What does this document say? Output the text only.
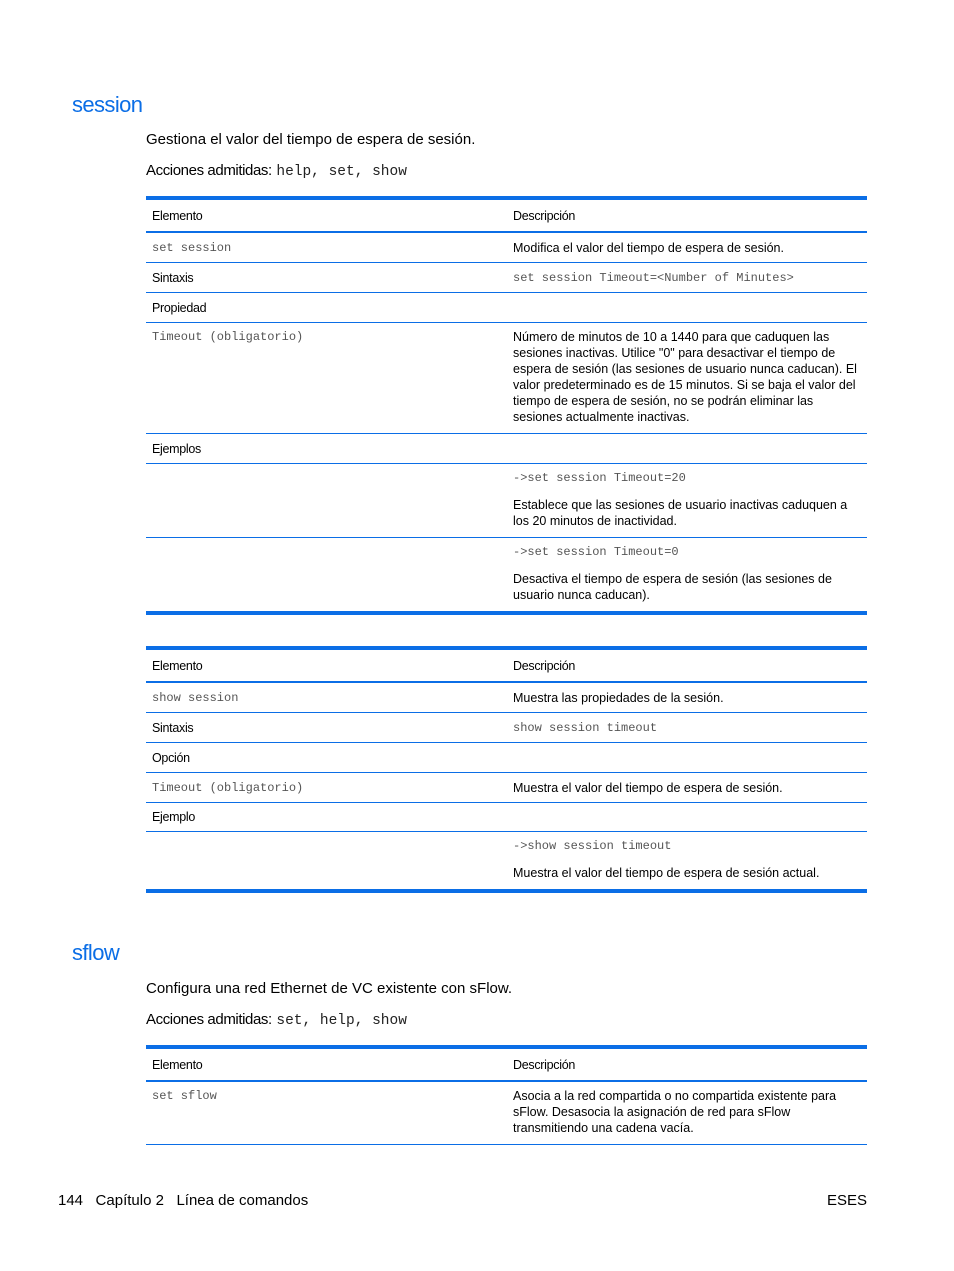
session
Gestiona el valor del tiempo de espera de sesión.
Acciones admitidas: help, set, show
Elemento	Descripción
set session	Modifica el valor del tiempo de espera de sesión.
Sintaxis	set session Timeout=<Number of Minutes>
Propiedad	
Timeout (obligatorio)	Número de minutos de 10 a 1440 para que caduquen las sesiones inactivas. Utilice "0" para desactivar el tiempo de espera de sesión (las sesiones de usuario nunca caducan). El valor predeterminado es de 15 minutos. Si se baja el valor del tiempo de espera de sesión, no se podrán eliminar las sesiones actualmente inactivas.
Ejemplos	

	->set session Timeout=20
Establece que las sesiones de usuario inactivas caduquen a los 20 minutos de inactividad.

	->set session Timeout=0
Desactiva el tiempo de espera de sesión (las sesiones de usuario nunca caducan).
Elemento	Descripción
show session	Muestra las propiedades de la sesión.
Sintaxis	show session timeout
Opción	
Timeout (obligatorio)	Muestra el valor del tiempo de espera de sesión.
Ejemplo	

	->show session timeout
Muestra el valor del tiempo de espera de sesión actual.
sflow
Configura una red Ethernet de VC existente con sFlow.
Acciones admitidas: set, help, show
Elemento	Descripción
set sflow	Asocia a la red compartida o no compartida existente para sFlow. Desasocia la asignación de red para sFlow transmitiendo una cadena vacía.
144 Capítulo 2 Línea de comandos	ESES
